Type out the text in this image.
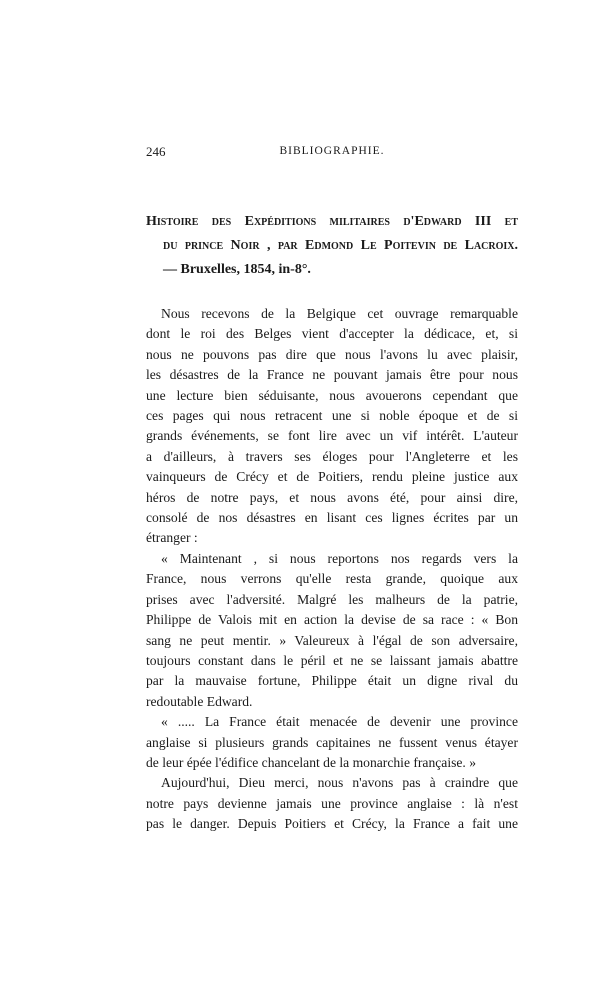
246	BIBLIOGRAPHIE.
Histoire des Expéditions militaires d'Edward III et
du prince Noir , par Edmond Le Poitevin de Lacroix.
— Bruxelles, 1854, in-8°.
Nous recevons de la Belgique cet ouvrage remarquable
dont le roi des Belges vient d'accepter la dédicace, et, si
nous ne pouvons pas dire que nous l'avons lu avec plaisir,
les désastres de la France ne pouvant jamais être pour nous
une lecture bien séduisante, nous avouerons cependant que
ces pages qui nous retracent une si noble époque et de si
grands événements, se font lire avec un vif intérêt. L'auteur
a d'ailleurs, à travers ses éloges pour l'Angleterre et les
vainqueurs de Crécy et de Poitiers, rendu pleine justice aux
héros de notre pays, et nous avons été, pour ainsi dire,
consolé de nos désastres en lisant ces lignes écrites par un
étranger :
« Maintenant , si nous reportons nos regards vers la
France, nous verrons qu'elle resta grande, quoique aux
prises avec l'adversité. Malgré les malheurs de la patrie,
Philippe de Valois mit en action la devise de sa race : « Bon
sang ne peut mentir. » Valeureux à l'égal de son adversaire,
toujours constant dans le péril et ne se laissant jamais abattre
par la mauvaise fortune, Philippe était un digne rival du
redoutable Edward.
« ..... La France était menacée de devenir une province
anglaise si plusieurs grands capitaines ne fussent venus étayer
de leur épée l'édifice chancelant de la monarchie française. »
Aujourd'hui, Dieu merci, nous n'avons pas à craindre que
notre pays devienne jamais une province anglaise : là n'est
pas le danger. Depuis Poitiers et Crécy, la France a fait une
